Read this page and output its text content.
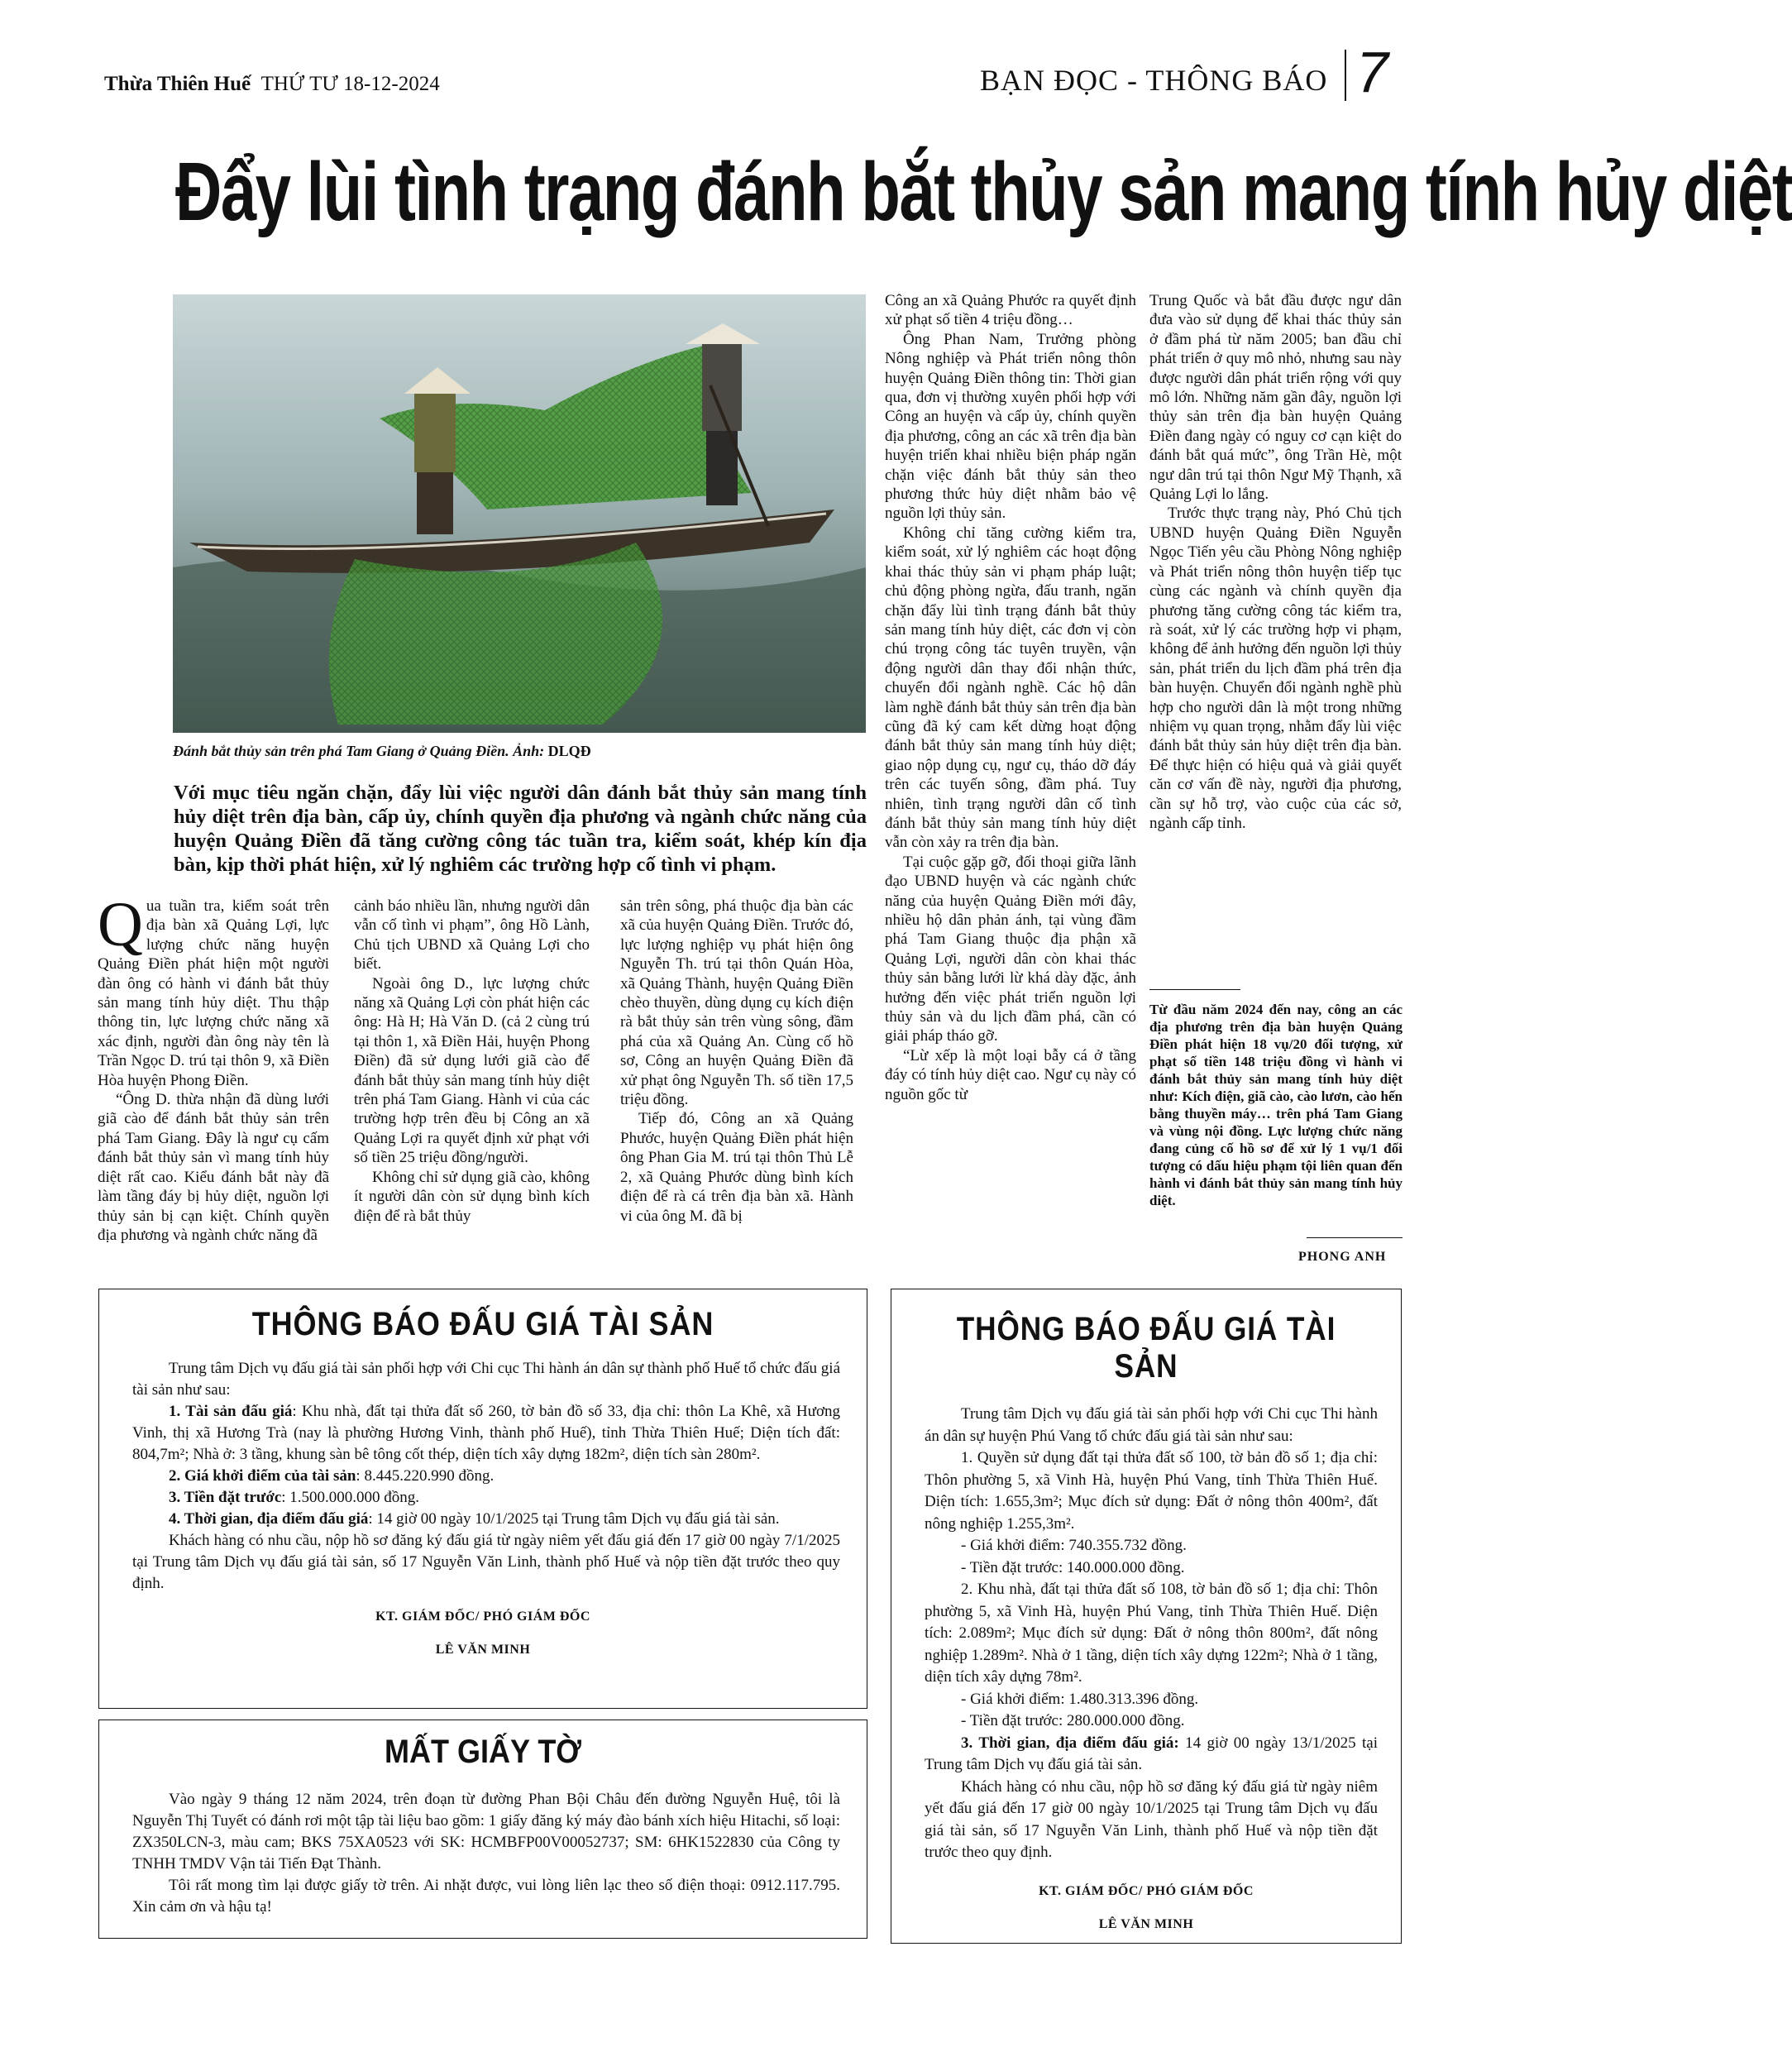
Thừa Thiên Huế THỨ TƯ 18-12-2024	BẠN ĐỌC - THÔNG BÁO 7
Đẩy lùi tình trạng đánh bắt thủy sản mang tính hủy diệt
Đánh bắt thủy sản trên phá Tam Giang ở Quảng Điền. Ảnh: DLQĐ
Với mục tiêu ngăn chặn, đẩy lùi việc người dân đánh bắt thủy sản mang tính hủy diệt trên địa bàn, cấp ủy, chính quyền địa phương và ngành chức năng của huyện Quảng Điền đã tăng cường công tác tuần tra, kiểm soát, khép kín địa bàn, kịp thời phát hiện, xử lý nghiêm các trường hợp cố tình vi phạm.

Qua tuần tra, kiểm soát trên địa bàn xã Quảng Lợi, lực lượng chức năng huyện Quảng Điền phát hiện một người đàn ông có hành vi đánh bắt thủy sản mang tính hủy diệt. Thu thập thông tin, lực lượng chức năng xã xác định, người đàn ông này tên là Trần Ngọc D. trú tại thôn 9, xã Điền Hòa huyện Phong Điền.

“Ông D. thừa nhận đã dùng lưới giã cào để đánh bắt thủy sản trên phá Tam Giang. Đây là ngư cụ cấm đánh bắt thủy sản vì mang tính hủy diệt rất cao. Kiểu đánh bắt này đã làm tầng đáy bị hủy diệt, nguồn lợi thủy sản bị cạn kiệt. Chính quyền địa phương và ngành chức năng đã

cảnh báo nhiều lần, nhưng người dân vẫn cố tình vi phạm”, ông Hồ Lành, Chủ tịch UBND xã Quảng Lợi cho biết.

Ngoài ông D., lực lượng chức năng xã Quảng Lợi còn phát hiện các ông: Hà H; Hà Văn D. (cả 2 cùng trú tại thôn 1, xã Điền Hải, huyện Phong Điền) đã sử dụng lưới giã cào để đánh bắt thủy sản mang tính hủy diệt trên phá Tam Giang. Hành vi của các trường hợp trên đều bị Công an xã Quảng Lợi ra quyết định xử phạt với số tiền 25 triệu đồng/người.

Không chỉ sử dụng giã cào, không ít người dân còn sử dụng bình kích điện để rà bắt thủy

sản trên sông, phá thuộc địa bàn các xã của huyện Quảng Điền. Trước đó, lực lượng nghiệp vụ phát hiện ông Nguyễn Th. trú tại thôn Quán Hòa, xã Quảng Thành, huyện Quảng Điền chèo thuyền, dùng dụng cụ kích điện rà bắt thủy sản trên vùng sông, đầm phá của xã Quảng An. Cùng cố hồ sơ, Công an huyện Quảng Điền đã xử phạt ông Nguyễn Th. số tiền 17,5 triệu đồng.

Tiếp đó, Công an xã Quảng Phước, huyện Quảng Điền phát hiện ông Phan Gia M. trú tại thôn Thủ Lễ 2, xã Quảng Phước dùng bình kích điện để rà cá trên địa bàn xã. Hành vi của ông M. đã bị

Công an xã Quảng Phước ra quyết định xử phạt số tiền 4 triệu đồng…

Ông Phan Nam, Trưởng phòng Nông nghiệp và Phát triển nông thôn huyện Quảng Điền thông tin: Thời gian qua, đơn vị thường xuyên phối hợp với Công an huyện và cấp ủy, chính quyền địa phương, công an các xã trên địa bàn huyện triển khai nhiều biện pháp ngăn chặn việc đánh bắt thủy sản theo phương thức hủy diệt nhằm bảo vệ nguồn lợi thủy sản.

Không chỉ tăng cường kiểm tra, kiểm soát, xử lý nghiêm các hoạt động khai thác thủy sản vi phạm pháp luật; chủ động phòng ngừa, đấu tranh, ngăn chặn đẩy lùi tình trạng đánh bắt thủy sản mang tính hủy diệt, các đơn vị còn chú trọng công tác tuyên truyền, vận động người dân thay đổi nhận thức, chuyển đổi ngành nghề. Các hộ dân làm nghề đánh bắt thủy sản trên địa bàn cũng đã ký cam kết dừng hoạt động đánh bắt thủy sản mang tính hủy diệt; giao nộp dụng cụ, ngư cụ, tháo dỡ đáy trên các tuyến sông, đầm phá. Tuy nhiên, tình trạng người dân cố tình đánh bắt thủy sản mang tính hủy diệt vẫn còn xảy ra trên địa bàn.

Tại cuộc gặp gỡ, đối thoại giữa lãnh đạo UBND huyện và các ngành chức năng của huyện Quảng Điền mới đây, nhiều hộ dân phản ánh, tại vùng đầm phá Tam Giang thuộc địa phận xã Quảng Lợi, người dân còn khai thác thủy sản bằng lưới lừ khá dày đặc, ảnh hưởng đến việc phát triển nguồn lợi thủy sản và du lịch đầm phá, cần có giải pháp tháo gỡ.

“Lừ xếp là một loại bẫy cá ở tầng đáy có tính hủy diệt cao. Ngư cụ này có nguồn gốc từ

Trung Quốc và bắt đầu được ngư dân đưa vào sử dụng để khai thác thủy sản ở đầm phá từ năm 2005; ban đầu chỉ phát triển ở quy mô nhỏ, nhưng sau này được người dân phát triển rộng với quy mô lớn. Những năm gần đây, nguồn lợi thủy sản trên địa bàn huyện Quảng Điền đang ngày có nguy cơ cạn kiệt do đánh bắt quá mức”, ông Trần Hè, một ngư dân trú tại thôn Ngư Mỹ Thạnh, xã Quảng Lợi lo lắng.

Trước thực trạng này, Phó Chủ tịch UBND huyện Quảng Điền Nguyễn Ngọc Tiến yêu cầu Phòng Nông nghiệp và Phát triển nông thôn huyện tiếp tục cùng các ngành và chính quyền địa phương tăng cường công tác kiểm tra, rà soát, xử lý các trường hợp vi phạm, không để ảnh hưởng đến nguồn lợi thủy sản, phát triển du lịch đầm phá trên địa bàn huyện. Chuyển đổi ngành nghề phù hợp cho người dân là một trong những nhiệm vụ quan trọng, nhằm đẩy lùi việc đánh bắt thủy sản hủy diệt trên địa bàn. Để thực hiện có hiệu quả và giải quyết căn cơ vấn đề này, người địa phương, cần sự hỗ trợ, vào cuộc của các sở, ngành cấp tỉnh.

Từ đầu năm 2024 đến nay, công an các địa phương trên địa bàn huyện Quảng Điền phát hiện 18 vụ/20 đối tượng, xử phạt số tiền 148 triệu đồng vì hành vi đánh bắt thủy sản mang tính hủy diệt như: Kích điện, giã cào, cào lươn, cào hến bằng thuyền máy… trên phá Tam Giang và vùng nội đồng. Lực lượng chức năng đang củng cố hồ sơ để xử lý 1 vụ/1 đối tượng có dấu hiệu phạm tội liên quan đến hành vi đánh bắt thủy sản mang tính hủy diệt.
PHONG ANH
THÔNG BÁO ĐẤU GIÁ TÀI SẢN

Trung tâm Dịch vụ đấu giá tài sản phối hợp với Chi cục Thi hành án dân sự thành phố Huế tổ chức đấu giá tài sản như sau:

1. Tài sản đấu giá: Khu nhà, đất tại thửa đất số 260, tờ bản đồ số 33, địa chỉ: thôn La Khê, xã Hương Vinh, thị xã Hương Trà (nay là phường Hương Vinh, thành phố Huế), tỉnh Thừa Thiên Huế; Diện tích đất: 804,7m²; Nhà ở: 3 tầng, khung sàn bê tông cốt thép, diện tích xây dựng 182m², diện tích sàn 280m².

2. Giá khởi điểm của tài sản: 8.445.220.990 đồng.

3. Tiền đặt trước: 1.500.000.000 đồng.

4. Thời gian, địa điểm đấu giá: 14 giờ 00 ngày 10/1/2025 tại Trung tâm Dịch vụ đấu giá tài sản.

Khách hàng có nhu cầu, nộp hồ sơ đăng ký đấu giá từ ngày niêm yết đấu giá đến 17 giờ 00 ngày 7/1/2025 tại Trung tâm Dịch vụ đấu giá tài sản, số 17 Nguyễn Văn Linh, thành phố Huế và nộp tiền đặt trước theo quy định.

KT. GIÁM ĐỐC/ PHÓ GIÁM ĐỐC
LÊ VĂN MINH
MẤT GIẤY TỜ

Vào ngày 9 tháng 12 năm 2024, trên đoạn từ đường Phan Bội Châu đến đường Nguyễn Huệ, tôi là Nguyễn Thị Tuyết có đánh rơi một tập tài liệu bao gồm: 1 giấy đăng ký máy đào bánh xích hiệu Hitachi, số loại: ZX350LCN-3, màu cam; BKS 75XA0523 với SK: HCMBFP00V00052737; SM: 6HK1522830 của Công ty TNHH TMDV Vận tải Tiến Đạt Thành.

Tôi rất mong tìm lại được giấy tờ trên. Ai nhặt được, vui lòng liên lạc theo số điện thoại: 0912.117.795. Xin cảm ơn và hậu tạ!

THÔNG BÁO ĐẤU GIÁ TÀI SẢN

Trung tâm Dịch vụ đấu giá tài sản phối hợp với Chi cục Thi hành án dân sự huyện Phú Vang tổ chức đấu giá tài sản như sau:

1. Quyền sử dụng đất tại thửa đất số 100, tờ bản đồ số 1; địa chỉ: Thôn phường 5, xã Vinh Hà, huyện Phú Vang, tỉnh Thừa Thiên Huế. Diện tích: 1.655,3m²; Mục đích sử dụng: Đất ở nông thôn 400m², đất nông nghiệp 1.255,3m².

- Giá khởi điểm: 740.355.732 đồng.

- Tiền đặt trước: 140.000.000 đồng.

2. Khu nhà, đất tại thửa đất số 108, tờ bản đồ số 1; địa chỉ: Thôn phường 5, xã Vinh Hà, huyện Phú Vang, tỉnh Thừa Thiên Huế. Diện tích: 2.089m²; Mục đích sử dụng: Đất ở nông thôn 800m², đất nông nghiệp 1.289m². Nhà ở 1 tầng, diện tích xây dựng 122m²; Nhà ở 1 tầng, diện tích xây dựng 78m².

- Giá khởi điểm: 1.480.313.396 đồng.

- Tiền đặt trước: 280.000.000 đồng.

3. Thời gian, địa điểm đấu giá: 14 giờ 00 ngày 13/1/2025 tại Trung tâm Dịch vụ đấu giá tài sản.

Khách hàng có nhu cầu, nộp hồ sơ đăng ký đấu giá từ ngày niêm yết đấu giá đến 17 giờ 00 ngày 10/1/2025 tại Trung tâm Dịch vụ đấu giá tài sản, số 17 Nguyễn Văn Linh, thành phố Huế và nộp tiền đặt trước theo quy định.

KT. GIÁM ĐỐC/ PHÓ GIÁM ĐỐC
LÊ VĂN MINH
